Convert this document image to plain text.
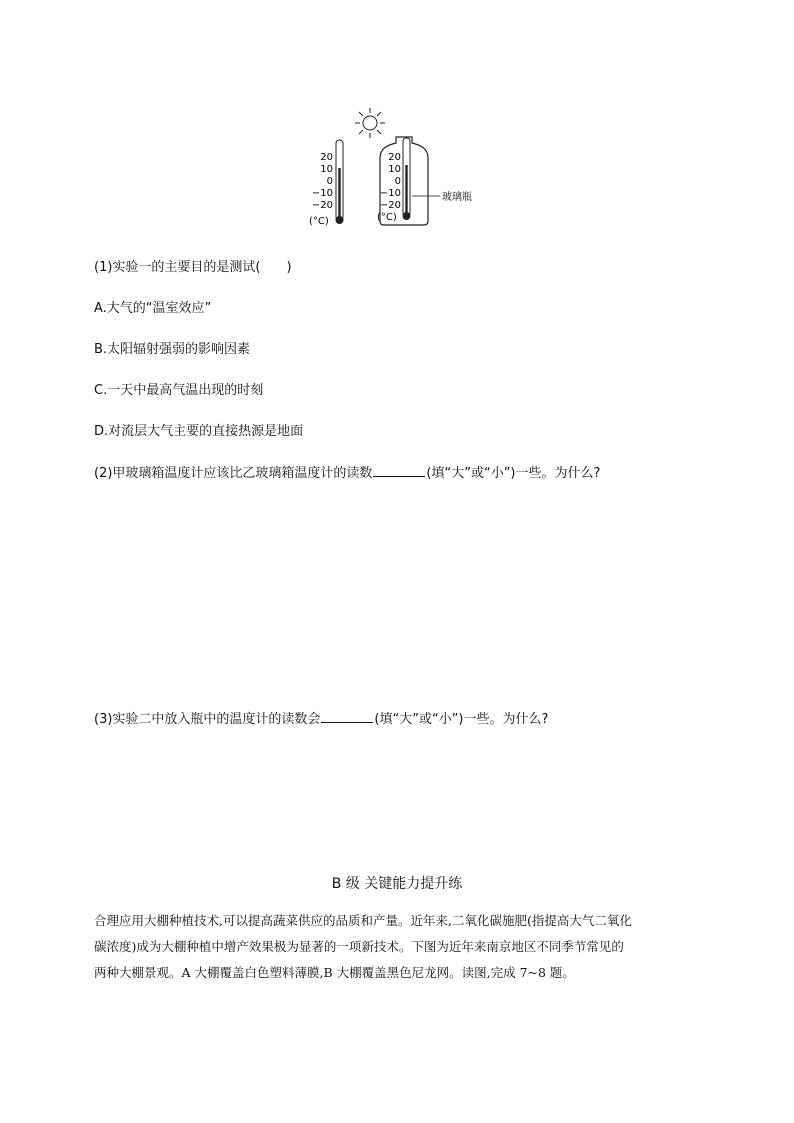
20
10
0
−10
−20
(°C)
玻璃瓶
20
10
0
−10
−20
(°C)
(1)实验一的主要目的是测试(　　)
A.大气的“温室效应”
B.太阳辐射强弱的影响因素
C.一天中最高气温出现的时刻
D.对流层大气主要的直接热源是地面
(2)甲玻璃箱温度计应该比乙玻璃箱温度计的读数	(填“大”或“小”)一些。为什么?
(3)实验二中放入瓶中的温度计的读数会	(填“大”或“小”)一些。为什么?
B 级 关键能力提升练
合理应用大棚种植技术,可以提高蔬菜供应的品质和产量。近年来,二氧化碳施肥(指提高大气二氧化
碳浓度)成为大棚种植中增产效果极为显著的一项新技术。下图为近年来南京地区不同季节常见的
两种大棚景观。A 大棚覆盖白色塑料薄膜,B 大棚覆盖黑色尼龙网。读图,完成 7~8 题。
